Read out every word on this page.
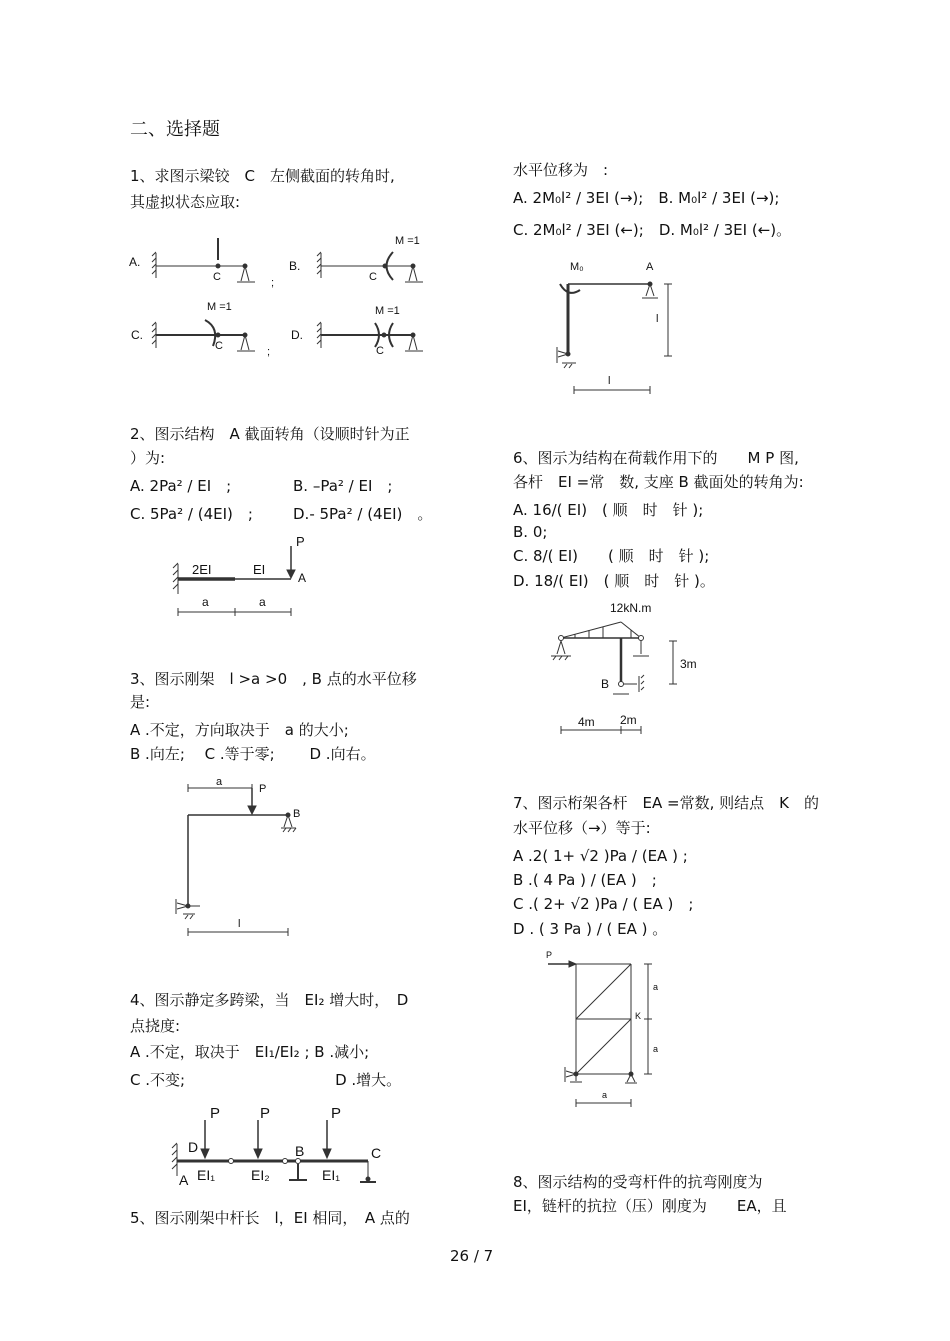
二、选择题
1、求图示梁铰　C　左侧截面的转角时,
其虚拟状态应取:
A.
C	;
B.
C
M =1
C.
C
M =1
;
D.
C
M =1
2、图示结构　A 截面转角（设顺时针为正
）为:
A. 2Pa² / EI　;	B. –Pa² / EI　;
C. 5Pa² / (4EI)　;	D.- 5Pa² / (4EI)　。
2EI	EI
P
A
a	a
3、图示刚架　l >a >0　, B 点的水平位移
是:
A .不定，方向取决于　a 的大小;
B .向左;　 C .等于零;　　 D .向右。
a
P
B
l
4、图示静定多跨梁，当　EI₂ 增大时，　D
点挠度:
A .不定，取决于　EI₁/EI₂ ; B .减小;
C .不变;　　　　　　　　　　D .增大。
P	P	P
D
A EI₁	EI₂
B
EI₁
C
5、图示刚架中杆长　l，EI 相同，　A 点的
水平位移为　:
A. 2M₀l² / 3EI (→);　B. M₀l² / 3EI (→);
C. 2M₀l² / 3EI (←);　D. M₀l² / 3EI (←)。
M₀	A
l
l
6、图示为结构在荷载作用下的　　M P 图,
各杆　EI =常　数, 支座 B 截面处的转角为:
A. 16/( EI)　( 顺　时　针 );
B. 0;
C. 8/( EI)　　( 顺　时　针 );
D. 18/( EI)　( 顺　时　针 )。
12kN.m
3m
B
4m 2m
7、图示桁架各杆　EA =常数, 则结点　K　的
水平位移（→）等于:
A .2( 1+ √2 )Pa / (EA ) ;
B .( 4 Pa ) / (EA )　;
C .( 2+ √2 )Pa / ( EA )　;
D . ( 3 Pa ) / ( EA ) 。
P
K
a
a
a
8、图示结构的受弯杆件的抗弯刚度为
EI，链杆的抗拉（压）刚度为　　EA，且
26 / 7
